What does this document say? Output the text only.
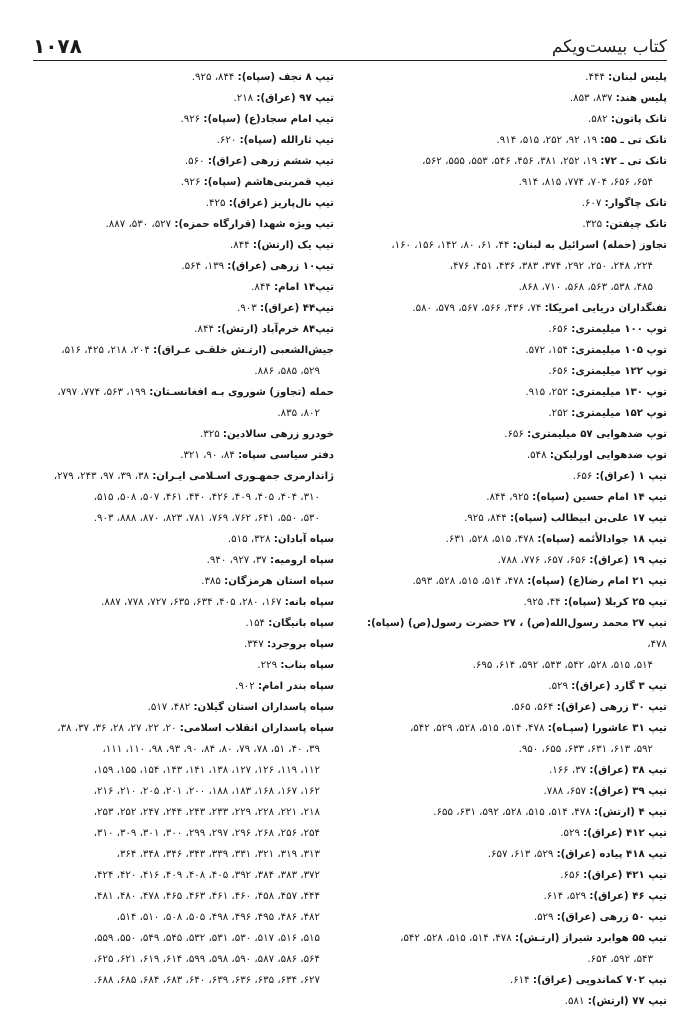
۱۰۷۸	کتاب بیست‌ویکم

پلیس لبنان: ۴۴۴.

پلیس هند: ۸۳۷، ۸۵۳.

تانک پاتون: ۵۸۲.

تانک تی ـ ۵۵: ۱۹، ۹۲، ۲۵۲، ۵۱۵، ۹۱۴.

تانک تی ـ ۷۲: ۱۹، ۲۵۲، ۳۸۱، ۴۵۶، ۵۴۶، ۵۵۳، ۵۵۵، ۵۶۲،
۶۵۴، ۶۵۶، ۷۰۴، ۷۷۴، ۸۱۵، ۹۱۴.

تانک چاگوار: ۶۰۷.

تانک چیفتن: ۳۲۵.

تجاوز (حمله) اسرائیل به لبنان: ۴۴، ۶۱، ۸۰، ۱۴۲، ۱۵۶، ۱۶۰،
۲۲۴، ۲۴۸، ۲۵۰، ۲۹۲، ۳۷۴، ۳۸۳، ۴۳۶، ۴۵۱، ۴۷۶،

۴۸۵، ۵۳۸، ۵۶۳، ۵۶۸، ۷۱۰، ۸۶۸.

تفنگداران دریایی امریکا: ۷۴، ۴۳۶، ۵۶۶، ۵۶۷، ۵۷۹، ۵۸۰.

توپ ۱۰۰ میلیمتری: ۶۵۶.

توپ ۱۰۵ میلیمتری: ۱۵۴، ۵۷۲.

توپ ۱۲۲ میلیمتری: ۶۵۶.

توپ ۱۳۰ میلیمتری: ۲۵۲، ۹۱۵.

توپ ۱۵۲ میلیمتری: ۲۵۲.

توپ ضدهوایی ۵۷ میلیمتری: ۶۵۶.

توپ ضدهوایی اورلیکن: ۵۴۸.

تیپ ۱ (عراق): ۶۵۶.

تیپ ۱۴ امام حسین (سپاه): ۹۲۵، ۸۴۴.

تیپ ۱۷ علی‌بن ابیطالب (سپاه): ۸۴۴، ۹۲۵.

تیپ ۱۸ جوادالأئمه (سپاه): ۴۷۸، ۵۱۵، ۵۲۸، ۶۳۱.

تیپ ۱۹ (عراق): ۶۵۶، ۶۵۷، ۷۷۶، ۷۸۸.

تیپ ۲۱ امام رضا(ع) (سپاه): ۴۷۸، ۵۱۴، ۵۱۵، ۵۲۸، ۵۹۳.

تیپ ۲۵ کربلا (سپاه): ۴۴، ۹۲۵.

تیپ ۲۷ محمد رسول‌الله(ص) ، ۲۷ حضرت رسول(ص) (سپاه): ۴۷۸،
۵۱۴، ۵۱۵، ۵۲۸، ۵۴۲، ۵۴۳، ۵۹۲، ۶۱۴، ۶۹۵.

تیپ ۳ گارد (عراق): ۵۲۹.

تیپ ۳۰ زرهی (عراق): ۵۶۴، ۵۶۵.

تیپ ۳۱ عاشورا (سپـاه): ۴۷۸، ۵۱۴، ۵۱۵، ۵۲۸، ۵۲۹، ۵۴۲،
۵۹۲، ۶۱۳، ۶۳۱، ۶۳۳، ۶۵۵، ۹۵۰.

تیپ ۳۸ (عراق): ۳۷، ۱۶۶.

تیپ ۳۹ (عراق): ۶۵۷، ۷۸۸.

تیپ ۴ (ارتش): ۴۷۸، ۵۱۴، ۵۱۵، ۵۲۸، ۵۹۲، ۶۳۱، ۶۵۵.

تیپ ۴۱۲ (عراق): ۵۲۹.

تیپ ۴۱۸ پیاده (عراق): ۵۲۹، ۶۱۳، ۶۵۷.

تیپ ۴۲۱ (عراق): ۶۵۶.

تیپ ۴۶ (عراق): ۵۲۹، ۶۱۴.

تیپ ۵۰ زرهی (عراق): ۵۲۹.

تیپ ۵۵ هوابرد شیراز (ارتـش): ۴۷۸، ۵۱۴، ۵۱۵، ۵۲۸، ۵۴۲،
۵۴۳، ۵۹۲، ۶۵۴.

تیپ ۷۰۲ کماندویی (عراق): ۶۱۴.

تیپ ۷۷ (ارتش): ۵۸۱.

تیپ ۸ نجف (سپاه): ۸۴۴، ۹۲۵.

تیپ ۹۷ (عراق): ۲۱۸.

تیپ امام سجاد(ع) (سپاه): ۹۲۶.

تیپ ثارالله (سپاه): ۶۲۰.

تیپ ششم زرهی (عراق): ۵۶۰.

تیپ قمربنی‌هاشم (سپاه): ۹۲۶.

تیپ نال‌پاریز (عراق): ۴۲۵.

تیپ ویژه شهدا (قرارگاه حمزه): ۵۲۷، ۵۳۰، ۸۸۷.

تیپ یک (ارتش): ۸۴۴.

تیپ۱۰ زرهی (عراق): ۱۳۹، ۵۶۴.

تیپ۱۴ امام: ۸۴۴.

تیپ۴۴ (عراق): ۹۰۳.

تیپ۸۴ خرم‌آباد (ارتش): ۸۴۴.

جیش‌الشعبی (ارتـش خلقـی عـراق): ۲۰۴، ۲۱۸، ۴۲۵، ۵۱۶،
۵۲۹، ۵۸۵، ۸۸۶.

حمله (تجاوز) شوروی بـه افغانسـتان: ۱۹۹، ۵۶۳، ۷۷۴، ۷۹۷،
۸۰۲، ۸۳۵.

خودرو زرهی سالادین: ۳۲۵.

دفتر سیاسی سپاه: ۸۴، ۹۰، ۳۲۱.

ژاندارمری جمهـوری اسـلامی ایـران: ۳۸، ۳۹، ۹۷، ۲۴۳، ۲۷۹،
۳۱۰، ۴۰۴، ۴۰۵، ۴۰۹، ۴۲۶، ۴۴۰، ۴۶۱، ۵۰۷، ۵۰۸، ۵۱۵،

۵۳۰، ۵۵۰، ۶۴۱، ۷۶۲، ۷۶۹، ۷۸۱، ۸۲۳، ۸۷۰، ۸۸۸، ۹۰۳.

سپاه آبادان: ۳۲۸، ۵۱۵.

سپاه ارومیه: ۳۷، ۹۲۷، ۹۴۰.

سپاه استان هرمزگان: ۳۸۵.

سپاه بانه: ۱۶۷، ۲۸۰، ۴۰۵، ۶۳۴، ۶۳۵، ۷۲۷، ۷۷۸، ۸۸۷.

سپاه بانیگان: ۱۵۴.

سپاه بروجرد: ۳۴۷.

سپاه بناب: ۲۲۹.

سپاه بندر امام: ۹۰۲.

سپاه پاسداران استان گیلان: ۴۸۲، ۵۱۷.

سپاه پاسداران انقلاب اسلامی: ۲۰، ۲۲، ۲۷، ۲۸، ۳۶، ۳۷، ۳۸،
۳۹، ۴۰، ۵۱، ۷۸، ۷۹، ۸۰، ۸۴، ۹۰، ۹۳، ۹۸، ۱۱۰، ۱۱۱،

۱۱۲، ۱۱۹، ۱۲۶، ۱۲۷، ۱۳۸، ۱۴۱، ۱۴۳، ۱۵۴، ۱۵۵، ۱۵۹،

۱۶۲، ۱۶۷، ۱۶۸، ۱۸۳، ۱۸۸، ۲۰۰، ۲۰۱، ۲۰۵، ۲۱۰، ۲۱۶،

۲۱۸، ۲۲۱، ۲۲۸، ۲۲۹، ۲۳۳، ۲۴۳، ۲۴۴، ۲۴۷، ۲۵۲، ۲۵۳،

۲۵۴، ۲۵۶، ۲۶۸، ۲۹۶، ۲۹۷، ۲۹۹، ۳۰۰، ۳۰۱، ۳۰۹، ۳۱۰،

۳۱۳، ۳۱۹، ۳۲۱، ۳۳۱، ۳۳۹، ۳۴۳، ۳۴۶، ۳۴۸، ۳۶۴،

۳۷۲، ۳۸۳، ۳۸۴، ۳۹۲، ۴۰۵، ۴۰۸، ۴۰۹، ۴۱۶، ۴۲۰، ۴۲۴،

۴۴۴، ۴۵۷، ۴۵۸، ۴۶۰، ۴۶۱، ۴۶۳، ۴۶۵، ۴۷۸، ۴۸۰، ۴۸۱،

۴۸۲، ۴۸۶، ۴۹۵، ۴۹۶، ۴۹۸، ۵۰۵، ۵۰۸، ۵۱۰، ۵۱۴،

۵۱۵، ۵۱۶، ۵۱۷، ۵۳۰، ۵۳۱، ۵۳۲، ۵۴۵، ۵۴۹، ۵۵۰، ۵۵۹،

۵۶۴، ۵۸۶، ۵۸۷، ۵۹۰، ۵۹۸، ۵۹۹، ۶۱۴، ۶۱۹، ۶۲۱، ۶۲۵،

۶۲۷، ۶۳۴، ۶۳۵، ۶۳۶، ۶۳۹، ۶۴۰، ۶۸۳، ۶۸۴، ۶۸۵، ۶۸۸.
